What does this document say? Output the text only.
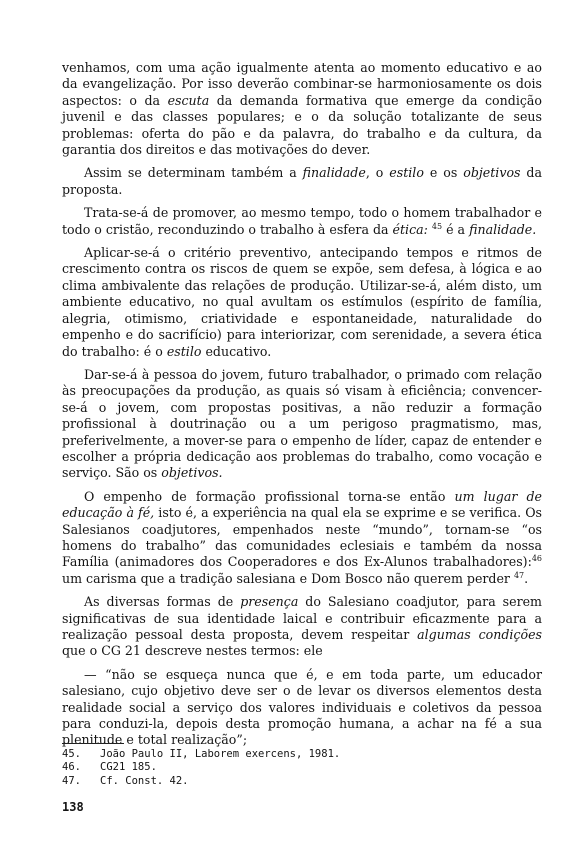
venhamos, com uma ação igualmente atenta ao momento educativo e ao da evangelização. Por isso deverão combinar-se harmoniosamente os dois aspectos: o da escuta da demanda formativa que emerge da condição juvenil e das classes populares; e o da solução totalizante de seus problemas: oferta do pão e da palavra, do trabalho e da cultura, da garantia dos direitos e das motivações do dever.

Assim se determinam também a finalidade, o estilo e os objetivos da proposta.

Trata-se-á de promover, ao mesmo tempo, todo o homem trabalhador e todo o cristão, reconduzindo o trabalho à esfera da ética: $^{45}$ é a finalidade.

Aplicar-se-á o critério preventivo, antecipando tempos e ritmos de crescimento contra os riscos de quem se expõe, sem defesa, à lógica e ao clima ambivalente das relações de produção. Utilizar-se-á, além disto, um ambiente educativo, no qual avultam os estímulos (espírito de família, alegria, otimismo, criatividade e espontaneidade, naturalidade do empenho e do sacrifício) para interiorizar, com serenidade, a severa ética do trabalho: é o estilo educativo.

Dar-se-á à pessoa do jovem, futuro trabalhador, o primado com relação às preocupações da produção, as quais só visam à eficiência; convencer-se-á o jovem, com propostas positivas, a não reduzir a formação profissional à doutrinação ou a um perigoso pragmatismo, mas, preferivelmente, a mover-se para o empenho de líder, capaz de entender e escolher a própria dedicação aos problemas do trabalho, como vocação e serviço. São os objetivos.

O empenho de formação profissional torna-se então um lugar de educação à fé, isto é, a experiência na qual ela se exprime e se verifica. Os Salesianos coadjutores, empenhados neste “mundo”, tornam-se “os homens do trabalho” das comunidades eclesiais e também da nossa Família (animadores dos Cooperadores e dos Ex-Alunos trabalhadores):$^{46}$ um carisma que a tradição salesiana e Dom Bosco não querem perder $^{47}$.

As diversas formas de presença do Salesiano coadjutor, para serem significativas de sua identidade laical e contribuir eficazmente para a realização pessoal desta proposta, devem respeitar algumas condições que o CG 21 descreve nestes termos: ele

— “não se esqueça nunca que é, e em toda parte, um educador salesiano, cujo objetivo deve ser o de levar os diversos elementos desta realidade social a serviço dos valores individuais e coletivos da pessoa para conduzi-la, depois desta promoção humana, a achar na fé a sua plenitude e total realização”;

45. João Paulo II, Laborem exercens, 1981.
46. CG21 185.
47. Cf. Const. 42.
138
